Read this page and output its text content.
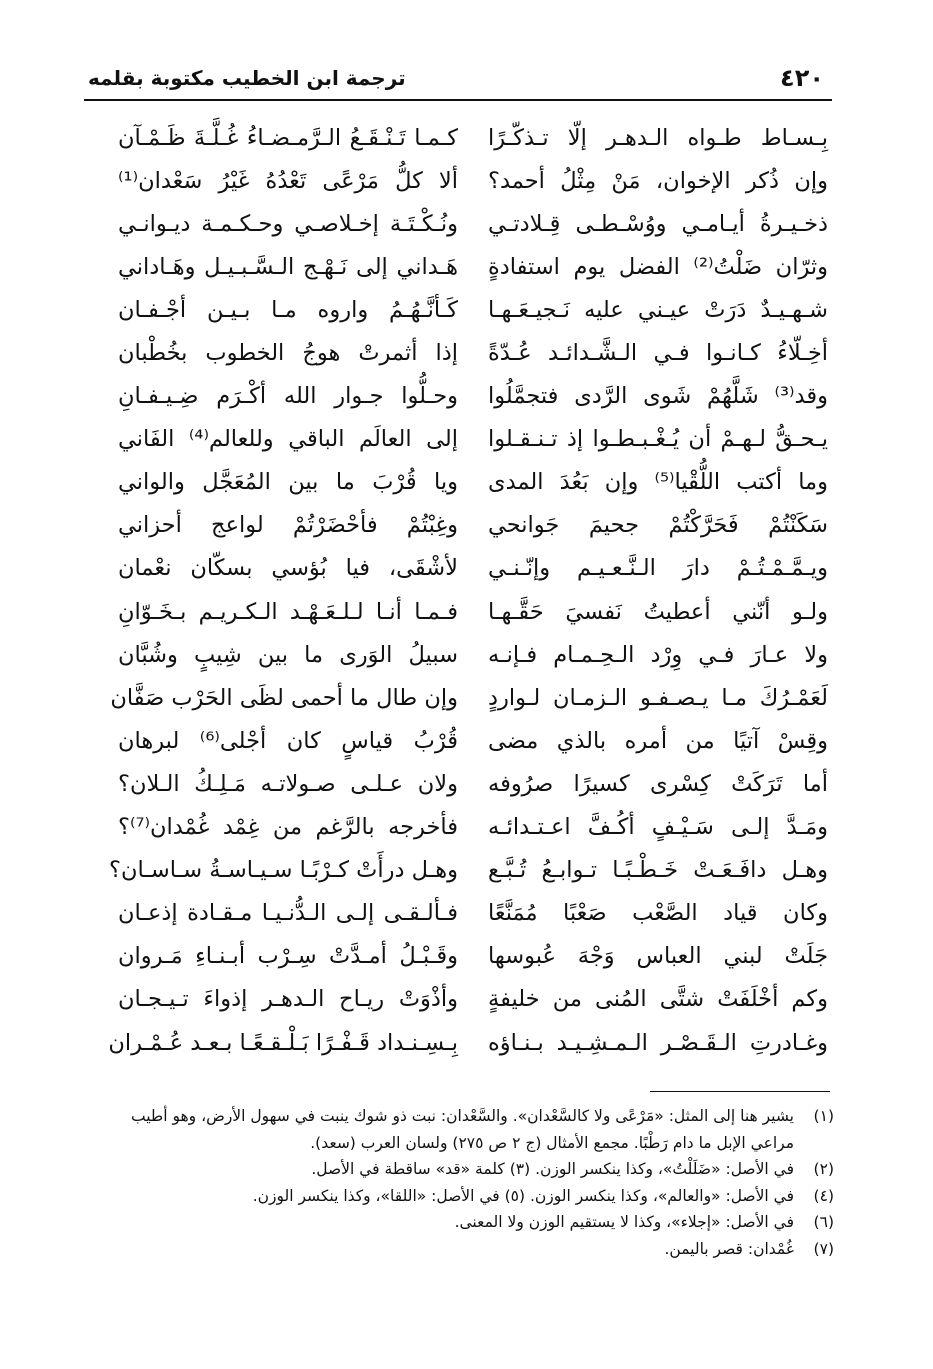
٤٢٠
ترجمة ابن الخطيب مكتوبة بقلمه
بِـسـاط طـواه الـدهـر إلّا تـذكّـرًا
كـمـا تَـنْـقَـعُ الـرَّمـضـاءُ غُـلَّـةَ ظَـمْـآن
وإن ذُكر الإخوان، مَنْ مِثْلُ أحمد؟
ألا كلُّ مَرْعًى تَعْدُهُ غَيْرُ سَعْدان⁽¹⁾
ذخـيـرةُ أيـامـي ووُسْـطـى قِـلادتـي
ونُـكْـتَـة إخـلاصـي وحـكـمـة ديـوانـي
وثرّان ضَلْتُ⁽²⁾ الفضل يوم استفادةٍ
هَـداني إلى نَـهْـج الـسَّـبـيـل وهَـاداني
شـهـيـدٌ دَرَتْ عيـني عليه نَـجيـعَـهـا
كَـأنَّـهُـمُ واروه مـا بـيـن أجْـفـان
أخِـلّاءُ كـانـوا فـي الـشَّـدائـد عُـدّةً
إذا أثمرتْ هوجُ الخطوب بخُطْبان
وقد⁽³⁾ شَلَّهُمْ شَوى الرَّدى فتجمَّلُوا
وحـلُّوا جـوار الله أكْـرَم ضِـيـفـانِ
يـحـقُّ لـهـمْ أن يُـغْـبـطـوا إذ تـنـقـلوا
إلى العالَم الباقي وللعالم⁽⁴⁾ الفَاني
وما أكتب اللُّقْيا⁽⁵⁾ وإن بَعُدَ المدى
ويا قُرْبَ ما بين المُعَجَّل والواني
سَكَنْتُمْ فَحَرَّكْتُمْ جحيمَ جَوانحي
وغِبْتُمْ فأحْضَرْتُمْ لواعج أحزاني
ويـمَّـمْـتُـمْ دارَ الـنَّـعـيـم وإنّـنـي
لأشْقَى، فيا بُؤسي بسكّان نعْمان
ولـو أنّني أعطيتُ نَفسيَ حَقَّـهـا
فـمـا أنـا لـلـعَـهْـد الـكـريـم بـخَـوّانِ
ولا عـارَ فـي وِرْد الـحِـمـام فـإنـه
سبيلُ الوَرى ما بين شِيبٍ وشُبَّان
لَعَمْـرُكَ مـا يـصـفـو الـزمـان لـواردٍ
وإن طال ما أحمى لظَى الحَرْب صَفَّان
وقِسْ آتيًا من أمره بالذي مضى
قُرْبُ قياسٍ كان أجْلى⁽⁶⁾ لبرهان
أما تَرَكَتْ كِسْرى كسيرًا صرُوفه
ولان عـلـى صـولاتـه مَـلِـكُ الـلان؟
ومَـدَّ إلـى سَـيْـفٍ أكُـفَّ اعـتـدائـه
فأخرجه بالرَّغم من غِمْد غُمْدان⁽⁷⁾؟
وهـل دافَـعَـتْ خَـطْـبًـا تـوابـعُ تُـبَّـع
وهـل درأَتْ كـرْبًـا سـيـاسـةُ سـاسـان؟
وكان قياد الصَّعْب صَعْبًا مُمَنَّعًا
فـألـقـى إلـى الـدُّنـيـا مـقـادة إذعـان
جَلَتْ لبني العباس وَجْهَ عُبوسها
وقَـبْـلُ أمـدَّتْ سِـرْب أبـنـاءِ مَـروان
وكم أخْلَفَتْ شتَّى المُنى من خليفةٍ
وأذْوَتْ ريـاح الـدهـر إذواءَ تـيـجـان
وغـادرتِ الـقَـصْـر الـمـشِـيـد بـنـاؤه
بِـسِـنـداد قَـفْـرًا بَـلْـقـعًـا بـعـد عُـمْـران
(١)
يشير هنا إلى المثل: «مَرْعًى ولا كالسَّعْدان». والسَّعْدان: نبت ذو شوك ينبت في سهول الأرض، وهو أطيب مراعي الإبل ما دام رَطْبًا. مجمع الأمثال (ج ٢ ص ٢٧٥) ولسان العرب (سعد).
(٢)
في الأصل: «ضَلَلْتُ»، وكذا ينكسر الوزن. (٣) كلمة «قد» ساقطة في الأصل.
(٤)
في الأصل: «والعالم»، وكذا ينكسر الوزن. (٥) في الأصل: «اللقا»، وكذا ينكسر الوزن.
(٦)
في الأصل: «إجلاء»، وكذا لا يستقيم الوزن ولا المعنى.
(٧)
غُمْدان: قصر باليمن.
